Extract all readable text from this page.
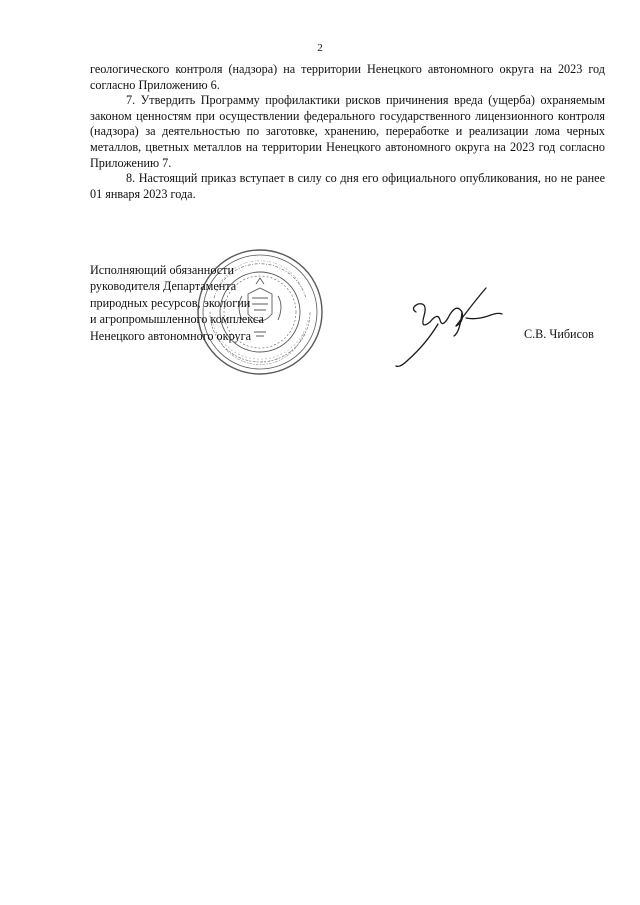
2

геологического контроля (надзора) на территории Ненецкого автономного округа на 2023 год согласно Приложению 6.

7. Утвердить Программу профилактики рисков причинения вреда (ущерба) охраняемым законом ценностям при осуществлении федерального государственного лицензионного контроля (надзора) за деятельностью по заготовке, хранению, переработке и реализации лома черных металлов, цветных металлов на территории Ненецкого автономного округа на 2023 год согласно Приложению 7.

8. Настоящий приказ вступает в силу со дня его официального опубликования, но не ранее 01 января 2023 года.

Исполняющий обязанности
руководителя Департамента
природных ресурсов, экологии
и агропромышленного комплекса
Ненецкого автономного округа	С.В. Чибисов
